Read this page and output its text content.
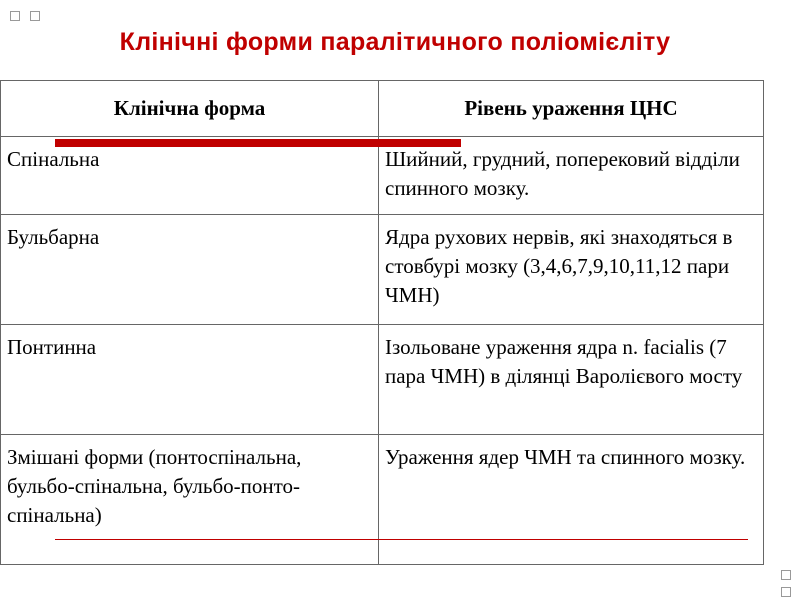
Клінічні форми паралітичного поліомієліту
Клінічна форма	Рівень ураження ЦНС
Спінальна	Шийний, грудний, поперековий відділи спинного мозку.
Бульбарна	Ядра рухових нервів, які знаходяться в стовбурі мозку (3,4,6,7,9,10,11,12 пари ЧМН)
Понтинна	Ізольоване ураження ядра n. facialis (7 пара ЧМН) в ділянці Варолієвого мосту
Змішані форми (понтоспінальна, бульбо-спінальна, бульбо-понто-спінальна)	Ураження ядер ЧМН та спинного мозку.
